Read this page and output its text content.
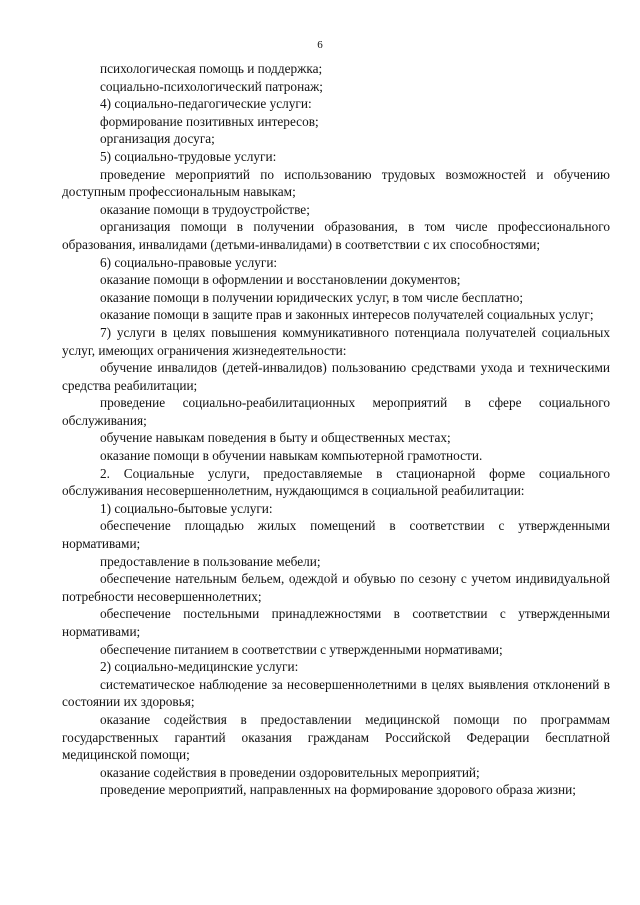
6

психологическая помощь и поддержка;

социально-психологический патронаж;

4) социально-педагогические услуги:

формирование позитивных интересов;

организация досуга;

5) социально-трудовые услуги:

проведение мероприятий по использованию трудовых возможностей и обучению доступным профессиональным навыкам;

оказание помощи в трудоустройстве;

организация помощи в получении образования, в том числе профессионального образования, инвалидами (детьми-инвалидами) в соответствии с их способностями;

6) социально-правовые услуги:

оказание помощи в оформлении и восстановлении документов;

оказание помощи в получении юридических услуг, в том числе бесплатно;

оказание помощи в защите прав и законных интересов получателей социальных услуг;

7) услуги в целях повышения коммуникативного потенциала получателей социальных услуг, имеющих ограничения жизнедеятельности:

обучение инвалидов (детей-инвалидов) пользованию средствами ухода и техническими средства реабилитации;

проведение социально-реабилитационных мероприятий в сфере социального обслуживания;

обучение навыкам поведения в быту и общественных местах;

оказание помощи в обучении навыкам компьютерной грамотности.

2. Социальные услуги, предоставляемые в стационарной форме социального обслуживания несовершеннолетним, нуждающимся в социальной реабилитации:

1) социально-бытовые услуги:

обеспечение площадью жилых помещений в соответствии с утвержденными нормативами;

предоставление в пользование мебели;

обеспечение нательным бельем, одеждой и обувью по сезону с учетом индивидуальной потребности несовершеннолетних;

обеспечение постельными принадлежностями в соответствии с утвержденными нормативами;

обеспечение питанием в соответствии с утвержденными нормативами;

2) социально-медицинские услуги:

систематическое наблюдение за несовершеннолетними в целях выявления отклонений в состоянии их здоровья;

оказание содействия в предоставлении медицинской помощи по программам государственных гарантий оказания гражданам Российской Федерации бесплатной медицинской помощи;

оказание содействия в проведении оздоровительных мероприятий;

проведение мероприятий, направленных на формирование здорового образа жизни;
